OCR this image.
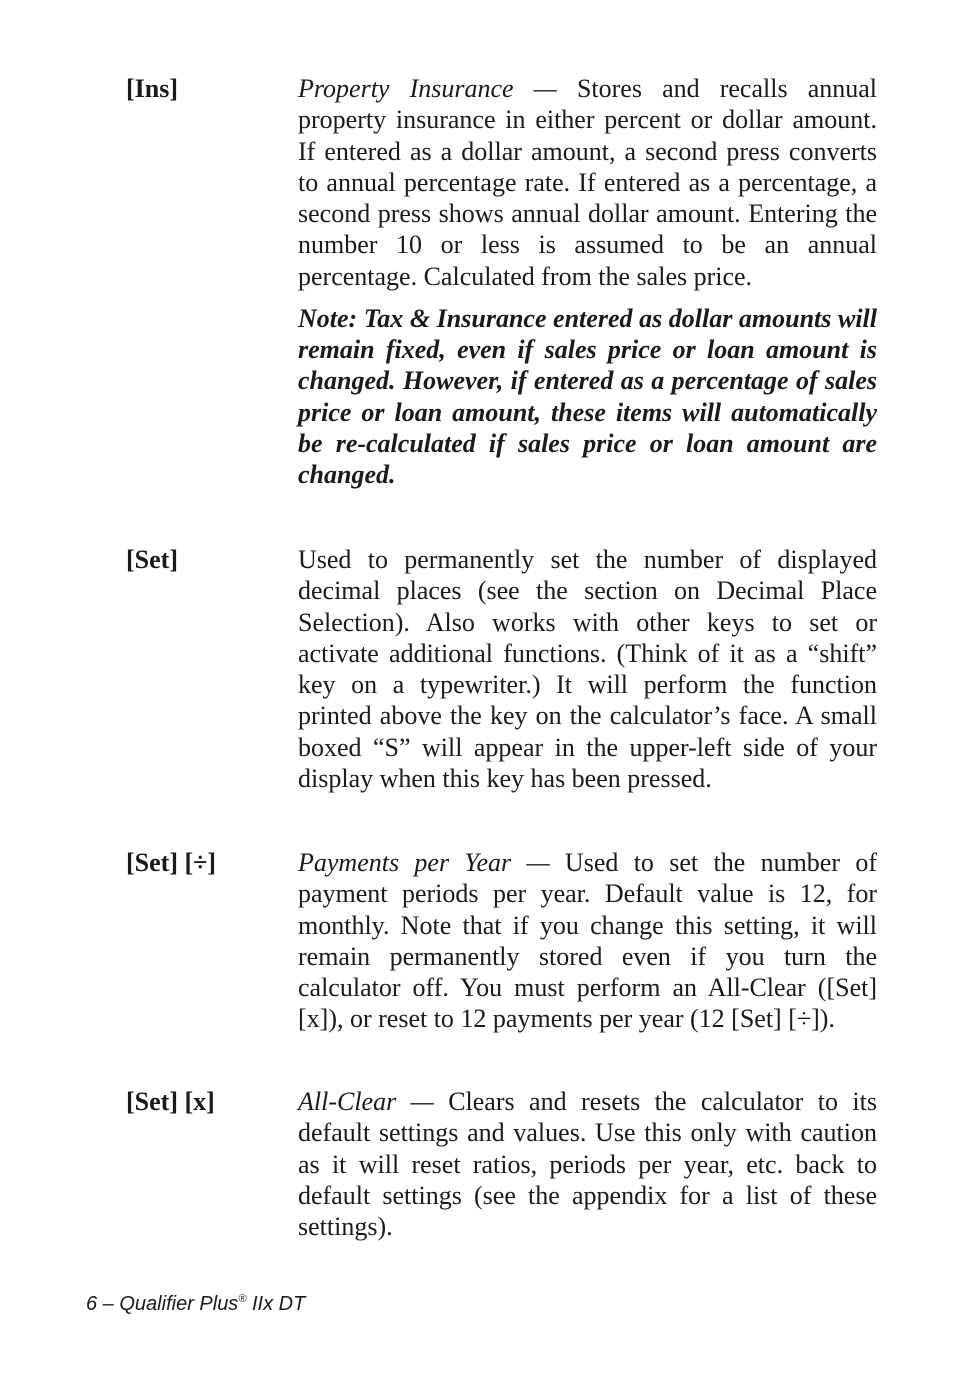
[Ins]	Property Insurance — Stores and recalls annual property insurance in either percent or dollar amount. If entered as a dollar amount, a second press converts to annual percentage rate. If entered as a percentage, a second press shows annual dollar amount. Entering the number 10 or less is assumed to be an annual percentage. Calculated from the sales price.

Note: Tax & Insurance entered as dollar amounts will remain fixed, even if sales price or loan amount is changed. However, if entered as a percentage of sales price or loan amount, these items will automatically be re-calculated if sales price or loan amount are changed.

[Set]	Used to permanently set the number of displayed decimal places (see the section on Decimal Place Selection). Also works with other keys to set or activate additional functions. (Think of it as a “shift” key on a typewriter.) It will perform the function printed above the key on the calculator’s face. A small boxed “S” will appear in the upper-left side of your display when this key has been pressed.

[Set] [÷]	Payments per Year — Used to set the number of payment periods per year. Default value is 12, for monthly. Note that if you change this setting, it will remain permanently stored even if you turn the calculator off. You must perform an All-Clear ([Set] [x]), or reset to 12 payments per year (12 [Set] [÷]).

[Set] [x]	All-Clear — Clears and resets the calculator to its default settings and values. Use this only with caution as it will reset ratios, periods per year, etc. back to default settings (see the appendix for a list of these settings).

6 – Qualifier Plus® IIx DT
